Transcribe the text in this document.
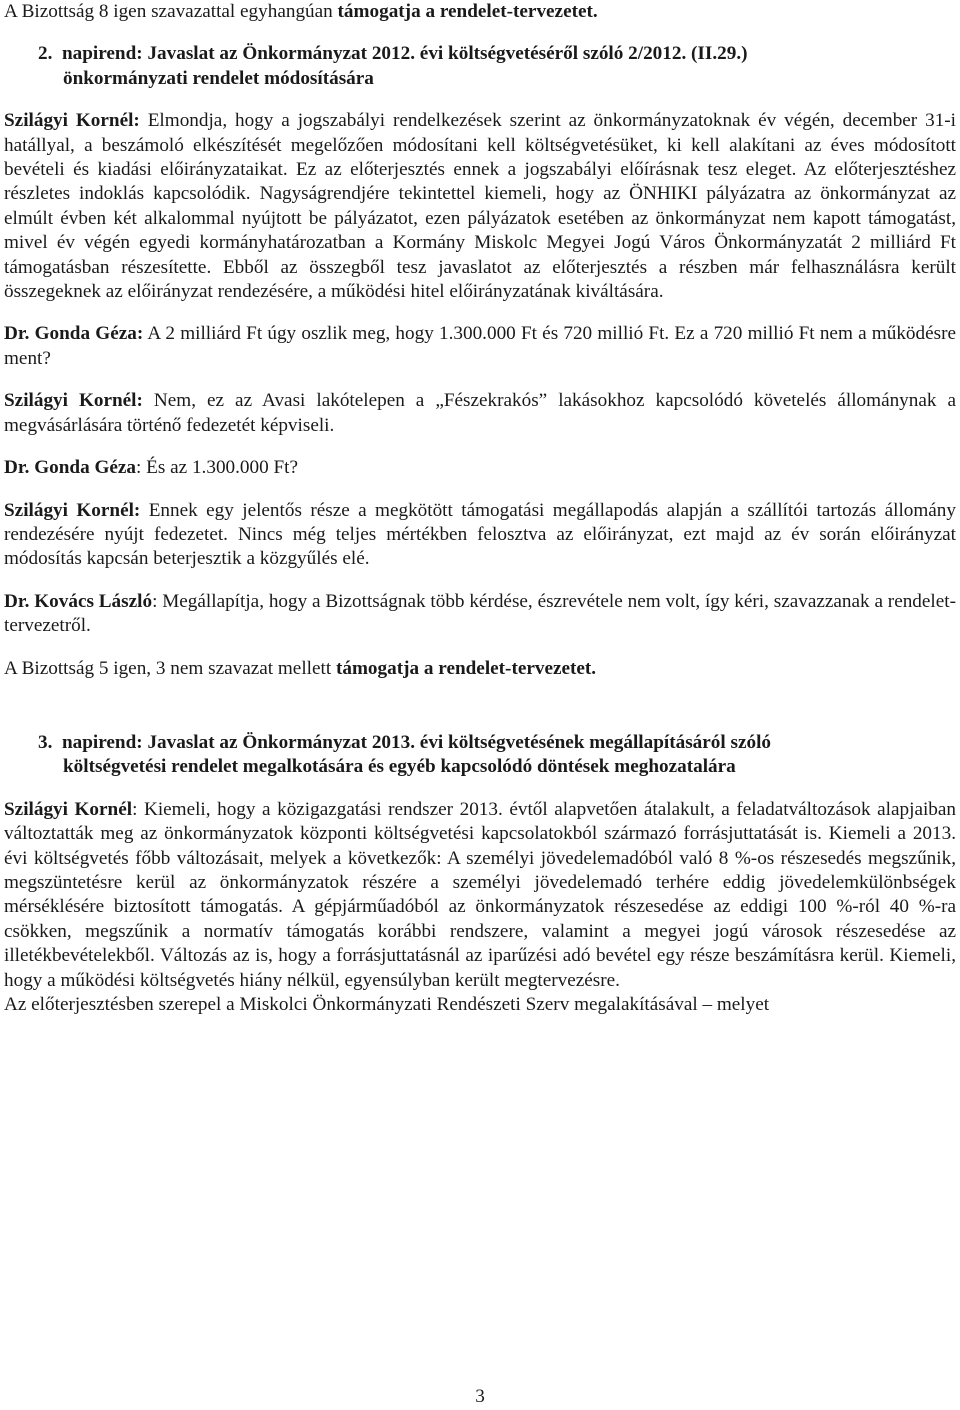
A Bizottság 8 igen szavazattal egyhangúan támogatja a rendelet-tervezetet.

2. napirend: Javaslat az Önkormányzat 2012. évi költségvetéséről szóló 2/2012. (II.29.)
önkormányzati rendelet módosítására

Szilágyi Kornél: Elmondja, hogy a jogszabályi rendelkezések szerint az önkormányzatoknak év végén, december 31-i hatállyal, a beszámoló elkészítését megelőzően módosítani kell költségvetésüket, ki kell alakítani az éves módosított bevételi és kiadási előirányzataikat. Ez az előterjesztés ennek a jogszabályi előírásnak tesz eleget. Az előterjesztéshez részletes indoklás kapcsolódik. Nagyságrendjére tekintettel kiemeli, hogy az ÖNHIKI pályázatra az önkormányzat az elmúlt évben két alkalommal nyújtott be pályázatot, ezen pályázatok esetében az önkormányzat nem kapott támogatást, mivel év végén egyedi kormányhatározatban a Kormány Miskolc Megyei Jogú Város Önkormányzatát 2 milliárd Ft támogatásban részesítette. Ebből az összegből tesz javaslatot az előterjesztés a részben már felhasználásra került összegeknek az előirányzat rendezésére, a működési hitel előirányzatának kiváltására.

Dr. Gonda Géza: A 2 milliárd Ft úgy oszlik meg, hogy 1.300.000 Ft és 720 millió Ft. Ez a 720 millió Ft nem a működésre ment?

Szilágyi Kornél: Nem, ez az Avasi lakótelepen a „Fészekrakós” lakásokhoz kapcsolódó követelés állománynak a megvásárlására történő fedezetét képviseli.

Dr. Gonda Géza: És az 1.300.000 Ft?

Szilágyi Kornél: Ennek egy jelentős része a megkötött támogatási megállapodás alapján a szállítói tartozás állomány rendezésére nyújt fedezetet. Nincs még teljes mértékben felosztva az előirányzat, ezt majd az év során előirányzat módosítás kapcsán beterjesztik a közgyűlés elé.

Dr. Kovács László: Megállapítja, hogy a Bizottságnak több kérdése, észrevétele nem volt, így kéri, szavazzanak a rendelet-tervezetről.

A Bizottság 5 igen, 3 nem szavazat mellett támogatja a rendelet-tervezetet.

3. napirend: Javaslat az Önkormányzat 2013. évi költségvetésének megállapításáról szóló
költségvetési rendelet megalkotására és egyéb kapcsolódó döntések meghozatalára

Szilágyi Kornél: Kiemeli, hogy a közigazgatási rendszer 2013. évtől alapvetően átalakult, a feladatváltozások alapjaiban változtatták meg az önkormányzatok központi költségvetési kapcsolatokból származó forrásjuttatását is. Kiemeli a 2013. évi költségvetés főbb változásait, melyek a következők: A személyi jövedelemadóból való 8 %-os részesedés megszűnik, megszüntetésre kerül az önkormányzatok részére a személyi jövedelemadó terhére eddig jövedelemkülönbségek mérséklésére biztosított támogatás. A gépjárműadóból az önkormányzatok részesedése az eddigi 100 %-ról 40 %-ra csökken, megszűnik a normatív támogatás korábbi rendszere, valamint a megyei jogú városok részesedése az illetékbevételekből. Változás az is, hogy a forrásjuttatásnál az iparűzési adó bevétel egy része beszámításra kerül. Kiemeli, hogy a működési költségvetés hiány nélkül, egyensúlyban került megtervezésre.

Az előterjesztésben szerepel a Miskolci Önkormányzati Rendészeti Szerv megalakításával – melyet

3
